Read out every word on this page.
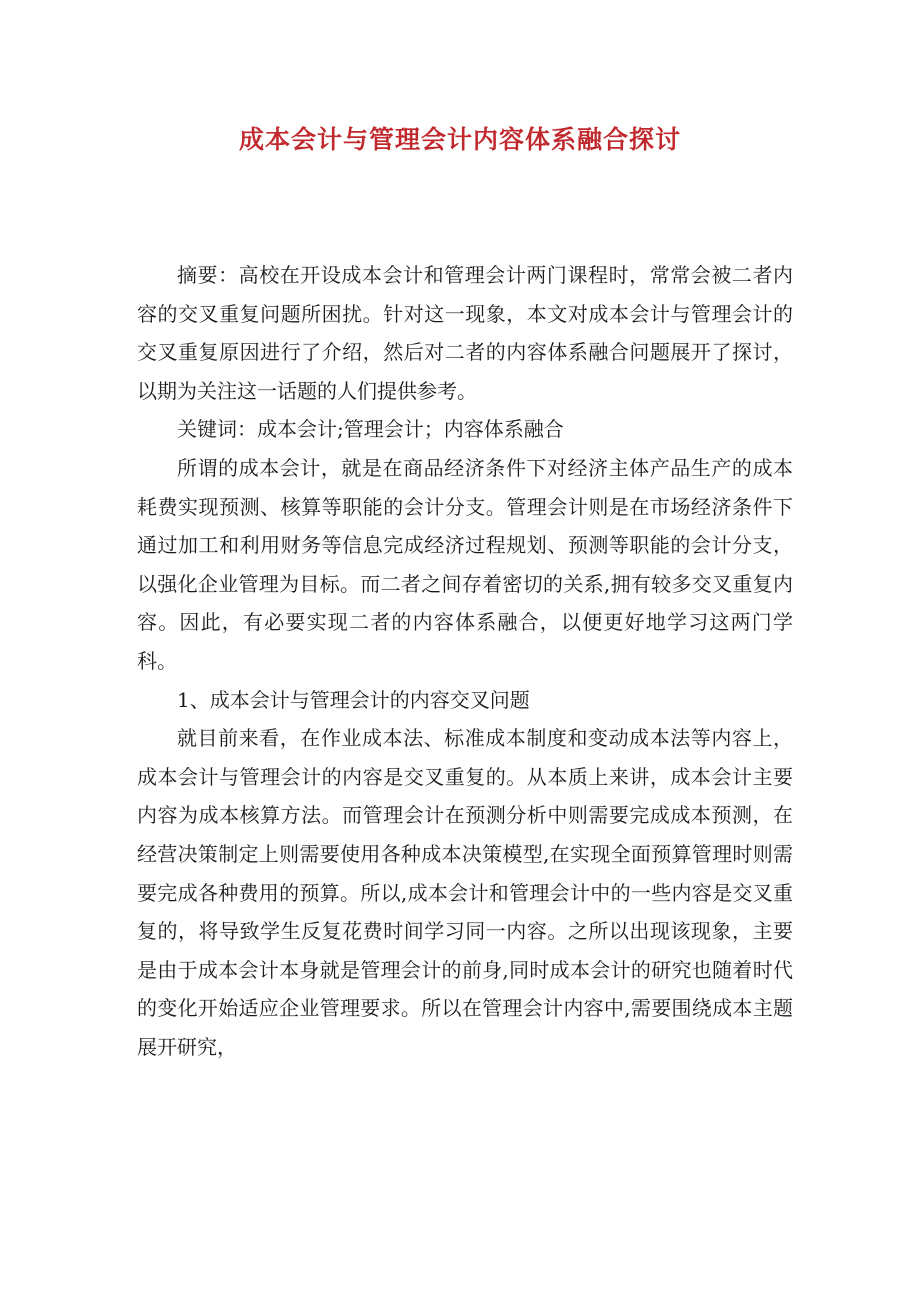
成本会计与管理会计内容体系融合探讨

摘要：高校在开设成本会计和管理会计两门课程时，常常会被二者内容的交叉重复问题所困扰。针对这一现象，本文对成本会计与管理会计的交叉重复原因进行了介绍，然后对二者的内容体系融合问题展开了探讨，以期为关注这一话题的人们提供参考。

关键词：成本会计;管理会计；内容体系融合

所谓的成本会计，就是在商品经济条件下对经济主体产品生产的成本耗费实现预测、核算等职能的会计分支。管理会计则是在市场经济条件下通过加工和利用财务等信息完成经济过程规划、预测等职能的会计分支，以强化企业管理为目标。而二者之间存着密切的关系,拥有较多交叉重复内容。因此，有必要实现二者的内容体系融合，以便更好地学习这两门学科。

1、成本会计与管理会计的内容交叉问题

就目前来看，在作业成本法、标准成本制度和变动成本法等内容上，成本会计与管理会计的内容是交叉重复的。从本质上来讲，成本会计主要内容为成本核算方法。而管理会计在预测分析中则需要完成成本预测，在经营决策制定上则需要使用各种成本决策模型,在实现全面预算管理时则需要完成各种费用的预算。所以,成本会计和管理会计中的一些内容是交叉重复的，将导致学生反复花费时间学习同一内容。之所以出现该现象，主要是由于成本会计本身就是管理会计的前身,同时成本会计的研究也随着时代的变化开始适应企业管理要求。所以在管理会计内容中,需要围绕成本主题展开研究，
